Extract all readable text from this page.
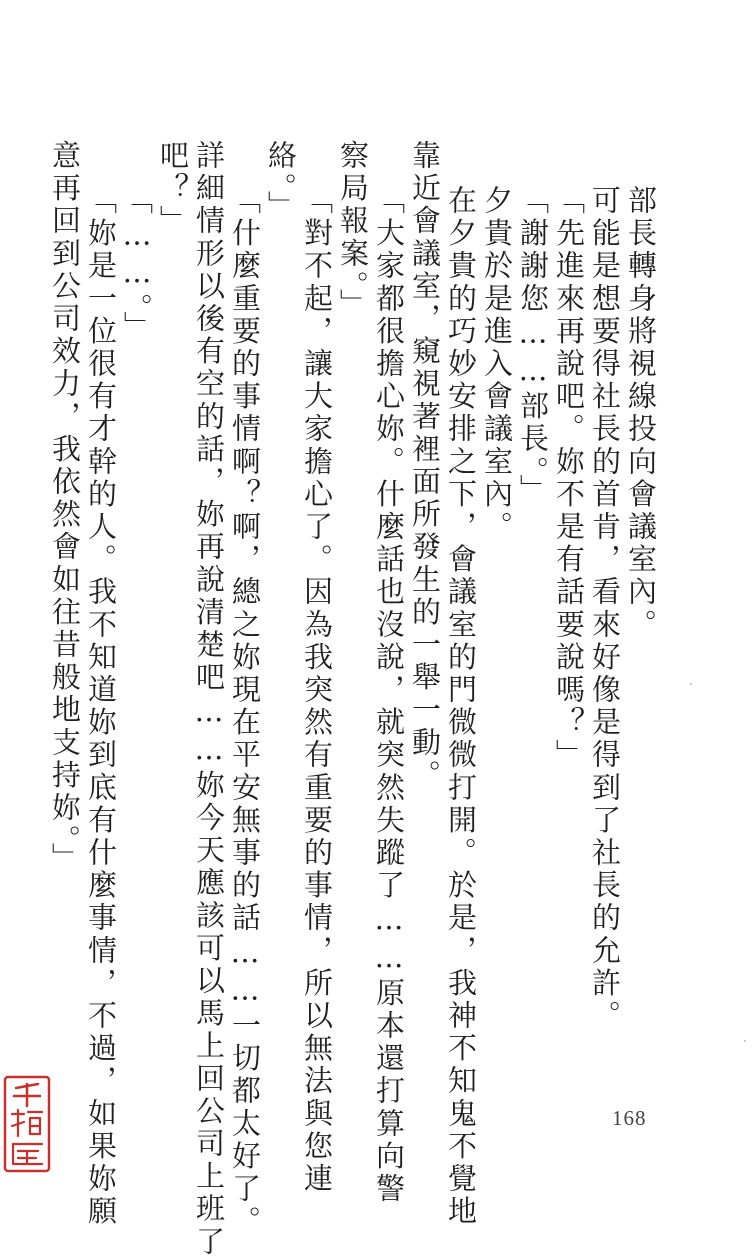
部長轉身將視線投向會議室內。
可能是想要得社長的首肯，看來好像是得到了社長的允許。
「先進來再說吧。妳不是有話要說嗎？」
「謝謝您……部長。」
夕貴於是進入會議室內。
在夕貴的巧妙安排之下，會議室的門微微打開。於是，我神不知鬼不覺地
靠近會議室，窺視著裡面所發生的一舉一動。
「大家都很擔心妳。什麼話也沒說，就突然失蹤了……原本還打算向警
察局報案。」
「對不起，讓大家擔心了。因為我突然有重要的事情，所以無法與您連
絡。」
「什麼重要的事情啊？啊，總之妳現在平安無事的話……一切都太好了。
詳細情形以後有空的話，妳再說清楚吧……妳今天應該可以馬上回公司上班了
吧？」
「……。」
「妳是一位很有才幹的人。我不知道妳到底有什麼事情，不過，如果妳願
意再回到公司效力，我依然會如往昔般地支持妳。」
168
